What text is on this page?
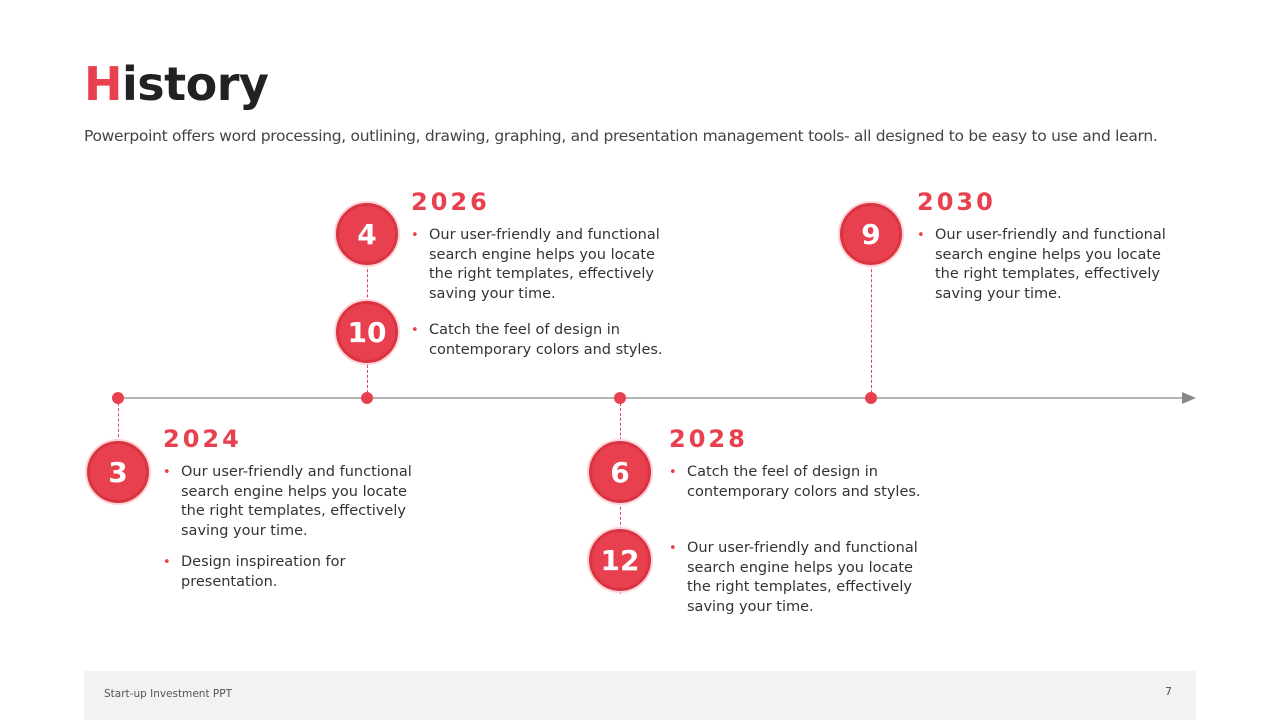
History
Powerpoint offers word processing, outlining, drawing, graphing, and presentation management tools- all designed to be easy to use and learn.
3
2024
• Our user-friendly and functional search engine helps you locate the right templates, effectively saving your time.
• Design inspireation for presentation.
4
10
2026
• Our user-friendly and functional search engine helps you locate the right templates, effectively saving your time.
• Catch the feel of design in contemporary colors and styles.
6
12
2028
• Catch the feel of design in contemporary colors and styles.
• Our user-friendly and functional search engine helps you locate the right templates, effectively saving your time.
9
2030
• Our user-friendly and functional search engine helps you locate the right templates, effectively saving your time.
Start-up Investment PPT	7
